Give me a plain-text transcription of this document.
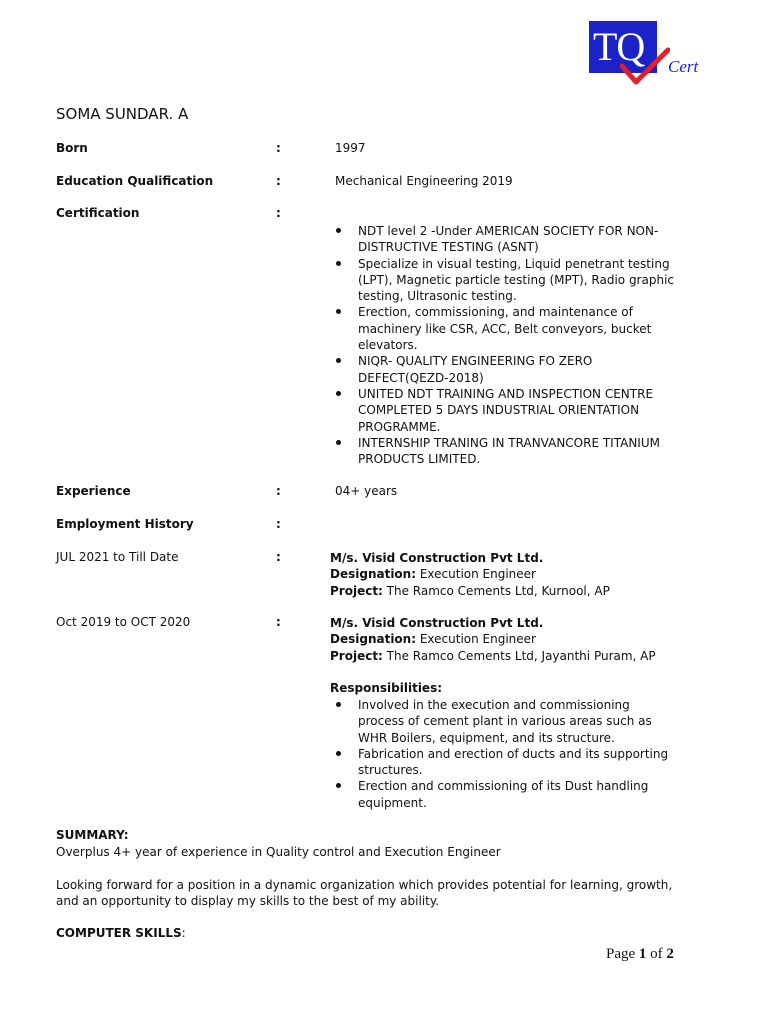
TQ Cert
SOMA SUNDAR. A
Born	:	1997
Education Qualification	:	Mechanical Engineering 2019
Certification	:
NDT level 2 -Under AMERICAN SOCIETY FOR NON-DISTRUCTIVE TESTING (ASNT)
Specialize in visual testing, Liquid penetrant testing (LPT), Magnetic particle testing (MPT), Radio graphic testing, Ultrasonic testing.
Erection, commissioning, and maintenance of machinery like CSR, ACC, Belt conveyors, bucket elevators.
NIQR- QUALITY ENGINEERING FO ZERO DEFECT(QEZD-2018)
UNITED NDT TRAINING AND INSPECTION CENTRE COMPLETED 5 DAYS INDUSTRIAL ORIENTATION PROGRAMME.
INTERNSHIP TRANING IN TRANVANCORE TITANIUM PRODUCTS LIMITED.
Experience	:	04+ years
Employment History	:
JUL 2021 to Till Date	:	M/s. Visid Construction Pvt Ltd.
Designation: Execution Engineer
Project: The Ramco Cements Ltd, Kurnool, AP
Oct 2019 to OCT 2020	:	M/s. Visid Construction Pvt Ltd.
Designation: Execution Engineer
Project: The Ramco Cements Ltd, Jayanthi Puram, AP
Responsibilities:
Involved in the execution and commissioning process of cement plant in various areas such as WHR Boilers, equipment, and its structure.
Fabrication and erection of ducts and its supporting structures.
Erection and commissioning of its Dust handling equipment.
SUMMARY:
Overplus 4+ year of experience in Quality control and Execution Engineer
Looking forward for a position in a dynamic organization which provides potential for learning, growth, and an opportunity to display my skills to the best of my ability.
COMPUTER SKILLS:
Page 1 of 2
